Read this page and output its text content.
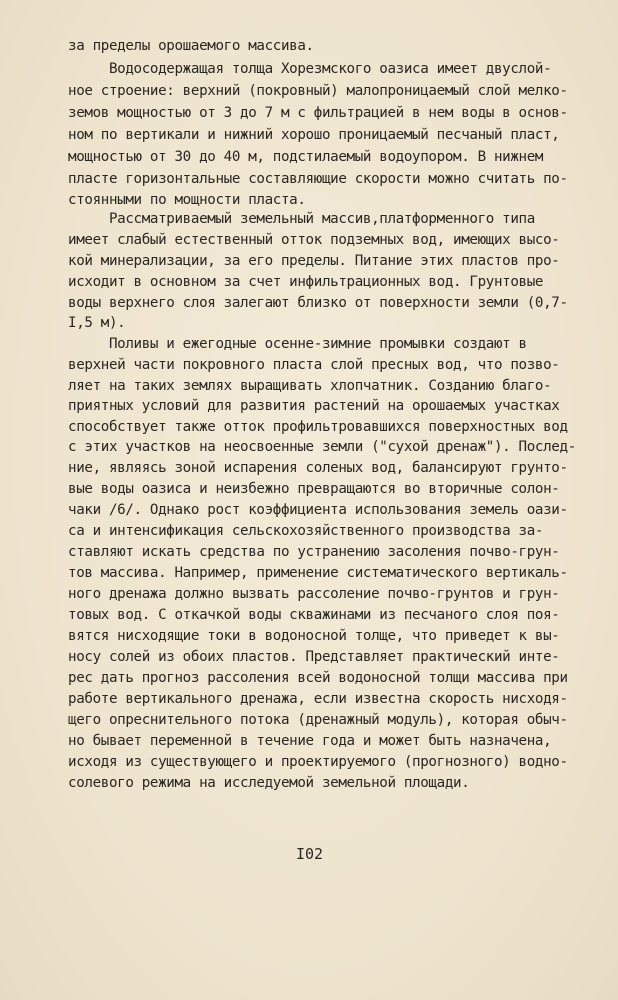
за пределы орошаемого массива.
Водосодержащая толща Хорезмского оазиса имеет двуслой-
ное строение: верхний (покровный) малопроницаемый слой мелко-
земов мощностью от 3 до 7 м с фильтрацией в нем воды в основ-
ном по вертикали и нижний хорошо проницаемый песчаный пласт,
мощностью от 30 до 40 м, подстилаемый водоупором. В нижнем
пласте горизонтальные составляющие скорости можно считать по-
стоянными по мощности пласта.
Рассматриваемый земельный массив,платформенного типа
имеет слабый естественный отток подземных вод, имеющих высо-
кой минерализации, за его пределы. Питание этих пластов про-
исходит в основном за счет инфильтрационных вод. Грунтовые
воды верхнего слоя залегают близко от поверхности земли (0,7-
I,5 м).
Поливы и ежегодные осенне-зимние промывки создают в
верхней части покровного пласта слой пресных вод, что позво-
ляет на таких землях выращивать хлопчатник. Созданию благо-
приятных условий для развития растений на орошаемых участках
способствует также отток профильтровавшихся поверхностных вод
с этих участков на неосвоенные земли ("сухой дренаж"). Послед-
ние, являясь зоной испарения соленых вод, балансируют грунто-
вые воды оазиса и неизбежно превращаются во вторичные солон-
чаки /6/. Однако рост коэффициента использования земель оази-
са и интенсификация сельскохозяйственного производства за-
ставляют искать средства по устранению засоления почво-грун-
тов массива. Например, применение систематического вертикаль-
ного дренажа должно вызвать рассоление почво-грунтов и грун-
товых вод. С откачкой воды скважинами из песчаного слоя поя-
вятся нисходящие токи в водоносной толще, что приведет к вы-
носу солей из обоих пластов. Представляет практический инте-
рес дать прогноз рассоления всей водоносной толщи массива при
работе вертикального дренажа, если известна скорость нисходя-
щего опреснительного потока (дренажный модуль), которая обыч-
но бывает переменной в течение года и может быть назначена,
исходя из существующего и проектируемого (прогнозного) водно-
солевого режима на исследуемой земельной площади.
I02
